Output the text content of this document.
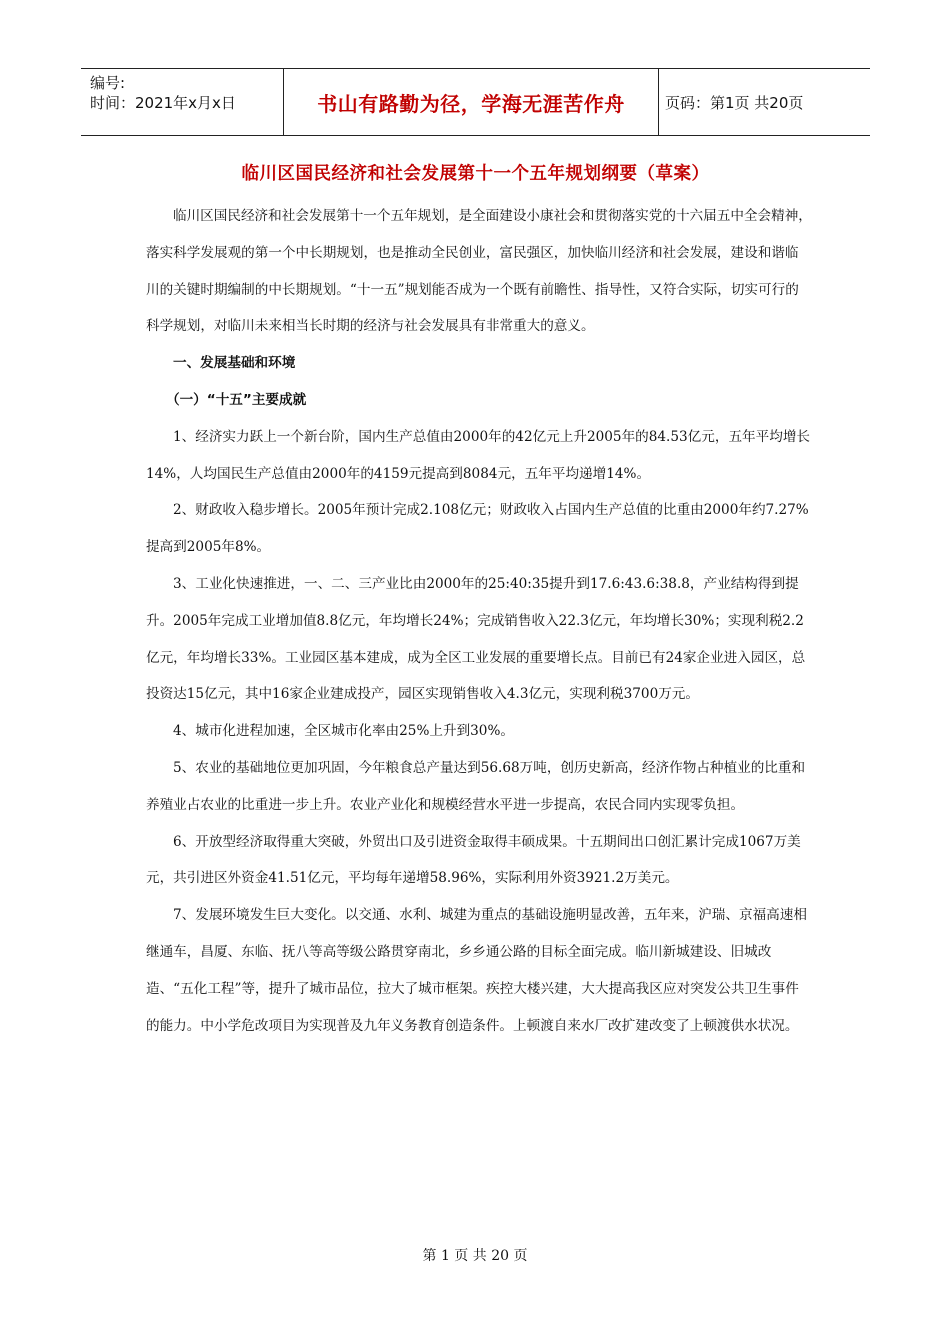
编号:
时间：2021年x月x日	书山有路勤为径，学海无涯苦作舟	页码：第1页 共20页
临川区国民经济和社会发展第十一个五年规划纲要（草案）

临川区国民经济和社会发展第十一个五年规划，是全面建设小康社会和贯彻落实党的十六届五中全会精神，落实科学发展观的第一个中长期规划，也是推动全民创业，富民强区，加快临川经济和社会发展，建设和谐临川的关键时期编制的中长期规划。“十一五”规划能否成为一个既有前瞻性、指导性，又符合实际，切实可行的科学规划，对临川未来相当长时期的经济与社会发展具有非常重大的意义。

一、发展基础和环境

（一）“十五”主要成就

1、经济实力跃上一个新台阶，国内生产总值由2000年的42亿元上升2005年的84.53亿元，五年平均增长14%，人均国民生产总值由2000年的4159元提高到8084元，五年平均递增14%。

2、财政收入稳步增长。2005年预计完成2.108亿元；财政收入占国内生产总值的比重由2000年约7.27%提高到2005年8%。

3、工业化快速推进，一、二、三产业比由2000年的25:40:35提升到17.6:43.6:38.8，产业结构得到提升。2005年完成工业增加值8.8亿元，年均增长24%；完成销售收入22.3亿元，年均增长30%；实现利税2.2亿元，年均增长33%。工业园区基本建成，成为全区工业发展的重要增长点。目前已有24家企业进入园区，总投资达15亿元，其中16家企业建成投产，园区实现销售收入4.3亿元，实现利税3700万元。

4、城市化进程加速，全区城市化率由25%上升到30%。

5、农业的基础地位更加巩固，今年粮食总产量达到56.68万吨，创历史新高，经济作物占种植业的比重和养殖业占农业的比重进一步上升。农业产业化和规模经营水平进一步提高，农民合同内实现零负担。

6、开放型经济取得重大突破，外贸出口及引进资金取得丰硕成果。十五期间出口创汇累计完成1067万美元，共引进区外资金41.51亿元，平均每年递增58.96%，实际利用外资3921.2万美元。

7、发展环境发生巨大变化。以交通、水利、城建为重点的基础设施明显改善，五年来，沪瑞、京福高速相继通车，昌厦、东临、抚八等高等级公路贯穿南北，乡乡通公路的目标全面完成。临川新城建设、旧城改造、“五化工程”等，提升了城市品位，拉大了城市框架。疾控大楼兴建，大大提高我区应对突发公共卫生事件的能力。中小学危改项目为实现普及九年义务教育创造条件。上顿渡自来水厂改扩建改变了上顿渡供水状况。

第 1 页 共 20 页
